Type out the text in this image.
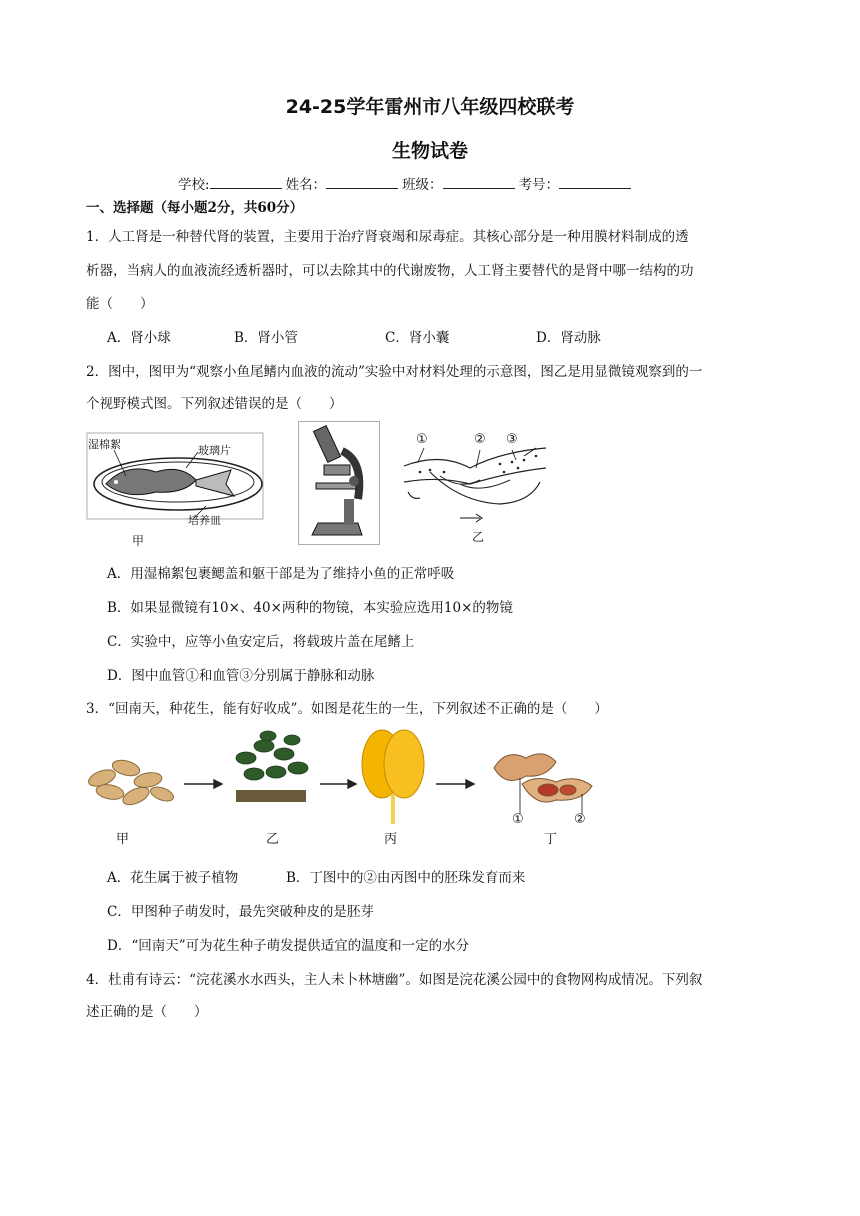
24-25学年雷州市八年级四校联考
生物试卷
学校:	姓名：	班级：	考号：
一、选择题（每小题2分，共60分）
1．人工肾是一种替代肾的装置，主要用于治疗肾衰竭和尿毒症。其核心部分是一种用膜材料制成的透
析器，当病人的血液流经透析器时，可以去除其中的代谢废物，人工肾主要替代的是肾中哪一结构的功
能（　　）
A．肾小球	B．肾小管	C．肾小囊	D．肾动脉
2．图中，图甲为“观察小鱼尾鳍内血液的流动”实验中对材料处理的示意图，图乙是用显微镜观察到的一
个视野模式图。下列叙述错误的是（　　）
湿棉絮	玻璃片
培养皿
甲
①	② ③
乙
A．用湿棉絮包裹鳃盖和躯干部是为了维持小鱼的正常呼吸
B．如果显微镜有10×、40×两种的物镜，本实验应选用10×的物镜
C．实验中，应等小鱼安定后，将载玻片盖在尾鳍上
D．图中血管①和血管③分别属于静脉和动脉
3．“回南天，种花生，能有好收成”。如图是花生的一生，下列叙述不正确的是（　　）
甲	乙	丙
①	②
丁
A．花生属于被子植物	B．丁图中的②由丙图中的胚珠发育而来
C．甲图种子萌发时，最先突破种皮的是胚芽
D．“回南天”可为花生种子萌发提供适宜的温度和一定的水分
4．杜甫有诗云：“浣花溪水水西头，主人未卜林塘幽”。如图是浣花溪公园中的食物网构成情况。下列叙
述正确的是（　　）
